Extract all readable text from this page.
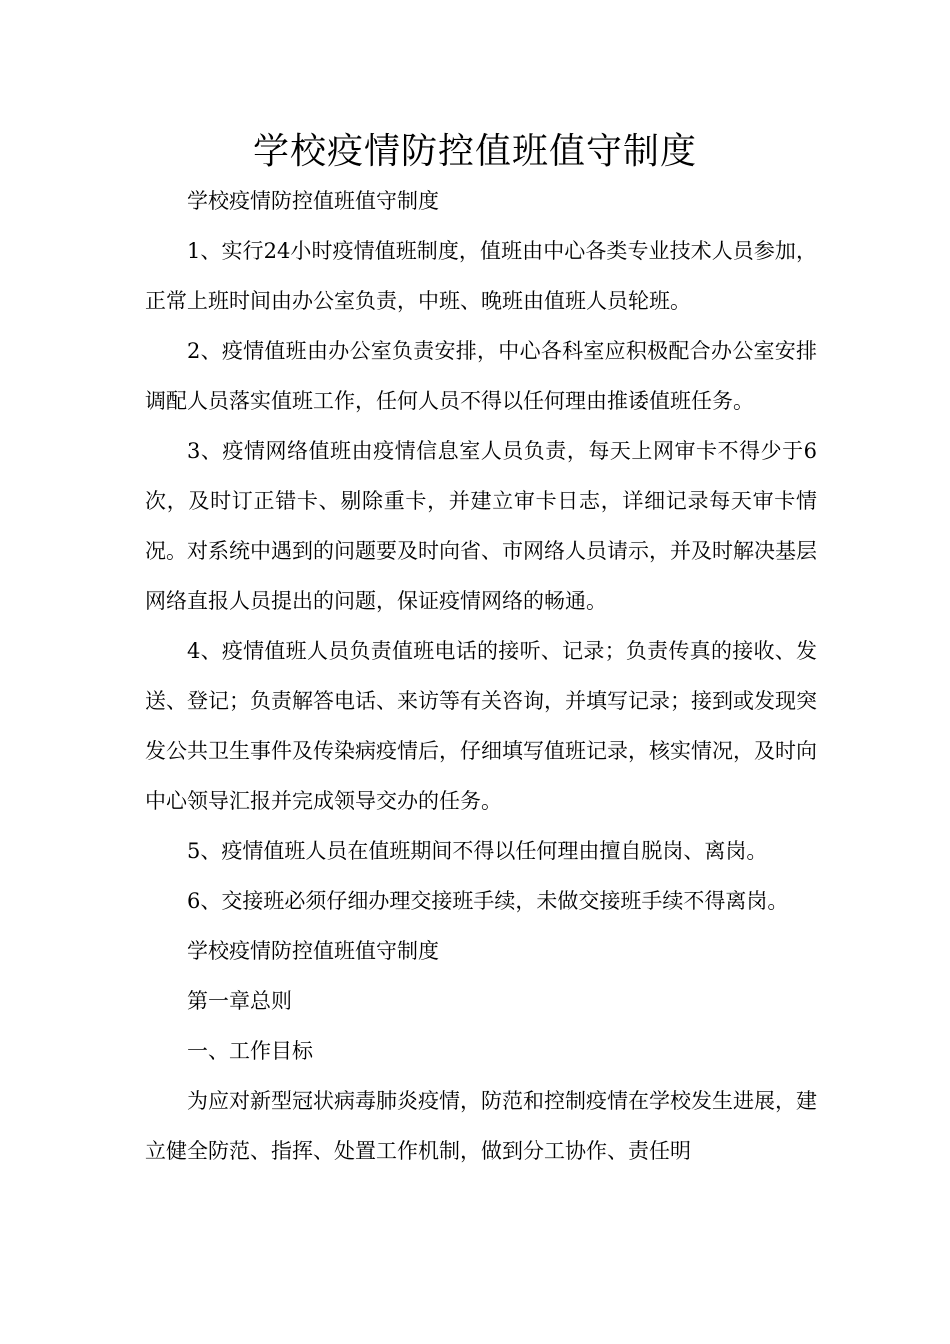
学校疫情防控值班值守制度

学校疫情防控值班值守制度

1、实行24小时疫情值班制度，值班由中心各类专业技术人员参加，正常上班时间由办公室负责，中班、晚班由值班人员轮班。

2、疫情值班由办公室负责安排，中心各科室应积极配合办公室安排调配人员落实值班工作，任何人员不得以任何理由推诿值班任务。

3、疫情网络值班由疫情信息室人员负责，每天上网审卡不得少于6次，及时订正错卡、剔除重卡，并建立审卡日志，详细记录每天审卡情况。对系统中遇到的问题要及时向省、市网络人员请示，并及时解决基层网络直报人员提出的问题，保证疫情网络的畅通。

4、疫情值班人员负责值班电话的接听、记录；负责传真的接收、发送、登记；负责解答电话、来访等有关咨询，并填写记录；接到或发现突发公共卫生事件及传染病疫情后，仔细填写值班记录，核实情况，及时向中心领导汇报并完成领导交办的任务。

5、疫情值班人员在值班期间不得以任何理由擅自脱岗、离岗。

6、交接班必须仔细办理交接班手续，未做交接班手续不得离岗。

学校疫情防控值班值守制度

第一章总则

一、工作目标

为应对新型冠状病毒肺炎疫情，防范和控制疫情在学校发生进展，建立健全防范、指挥、处置工作机制，做到分工协作、责任明
